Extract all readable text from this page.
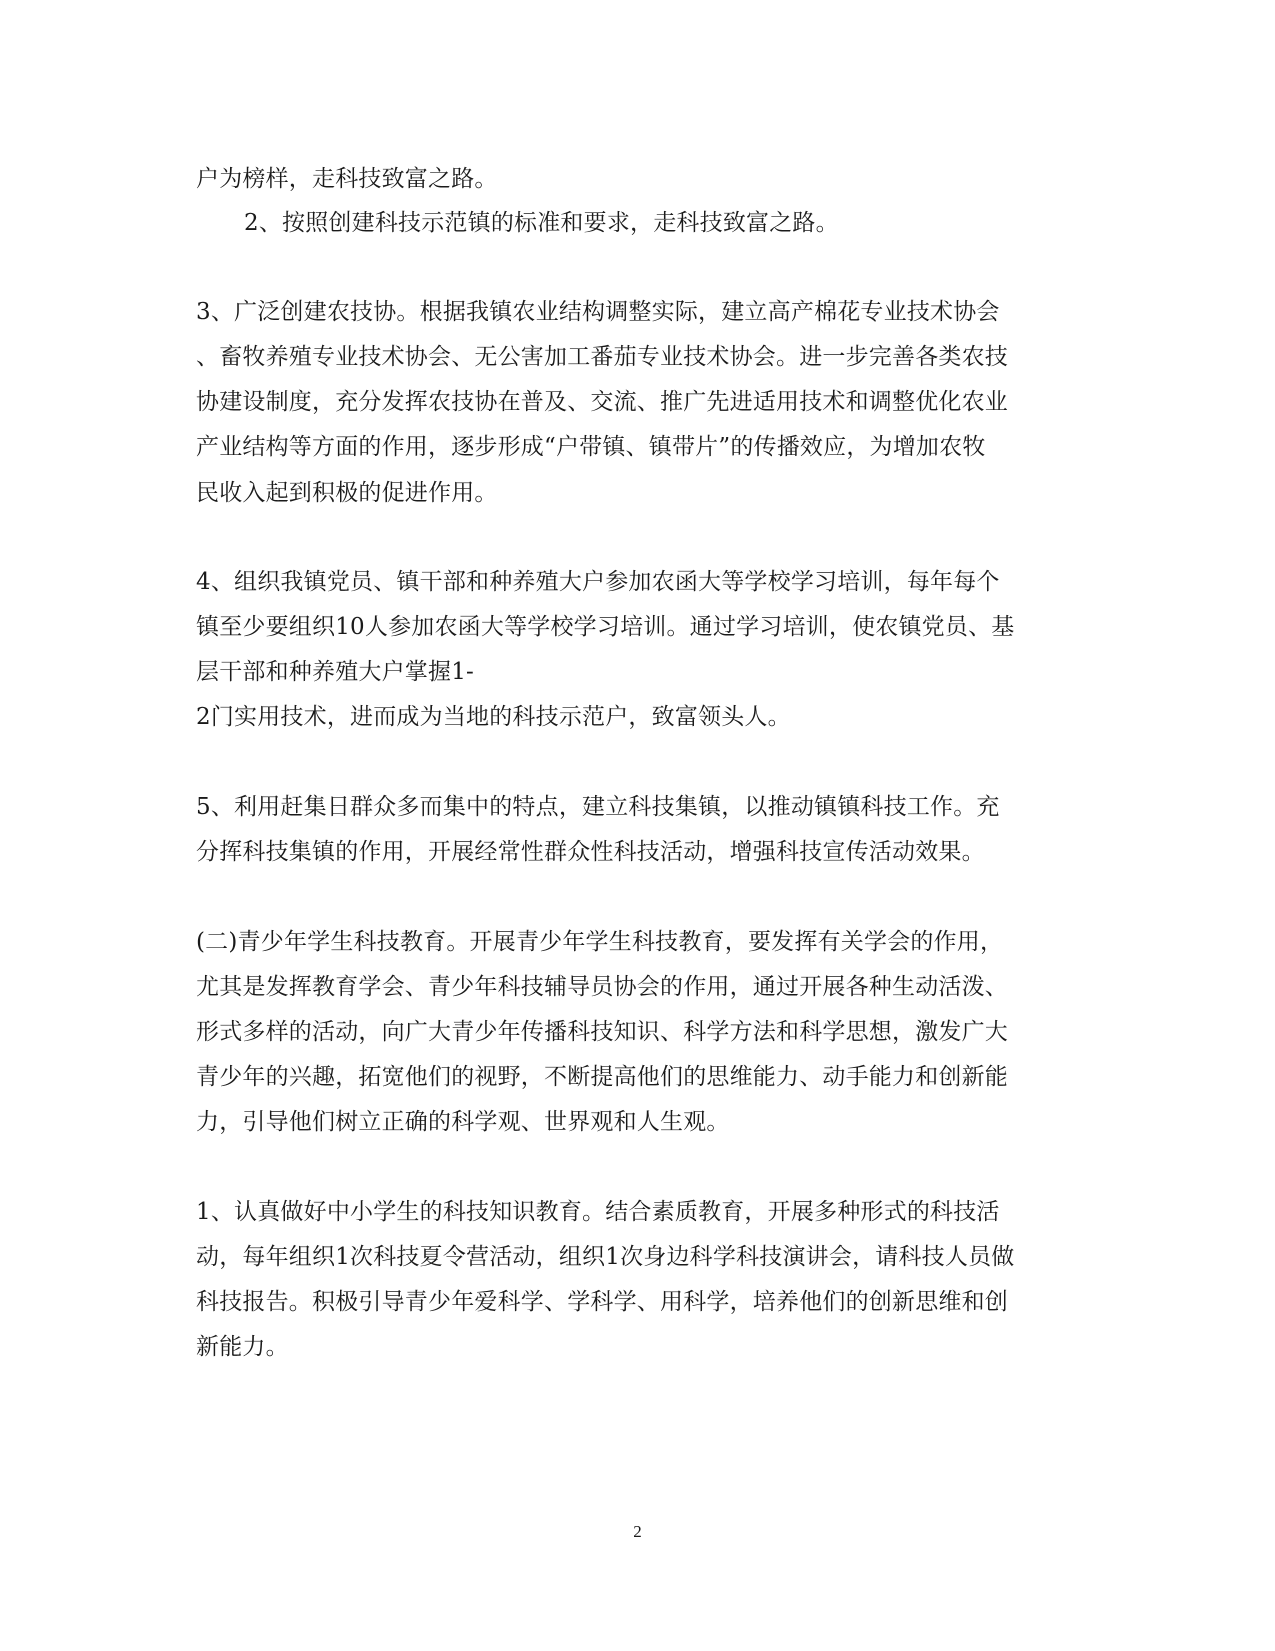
户为榜样，走科技致富之路。

2、按照创建科技示范镇的标准和要求，走科技致富之路。

3、广泛创建农技协。根据我镇农业结构调整实际，建立高产棉花专业技术协会

、畜牧养殖专业技术协会、无公害加工番茄专业技术协会。进一步完善各类农技

协建设制度，充分发挥农技协在普及、交流、推广先进适用技术和调整优化农业

产业结构等方面的作用，逐步形成“户带镇、镇带片”的传播效应，为增加农牧

民收入起到积极的促进作用。

4、组织我镇党员、镇干部和种养殖大户参加农函大等学校学习培训，每年每个

镇至少要组织10人参加农函大等学校学习培训。通过学习培训，使农镇党员、基

层干部和种养殖大户掌握1-

2门实用技术，进而成为当地的科技示范户，致富领头人。

5、利用赶集日群众多而集中的特点，建立科技集镇，以推动镇镇科技工作。充

分挥科技集镇的作用，开展经常性群众性科技活动，增强科技宣传活动效果。

(二)青少年学生科技教育。开展青少年学生科技教育，要发挥有关学会的作用，

尤其是发挥教育学会、青少年科技辅导员协会的作用，通过开展各种生动活泼、

形式多样的活动，向广大青少年传播科技知识、科学方法和科学思想，激发广大

青少年的兴趣，拓宽他们的视野，不断提高他们的思维能力、动手能力和创新能

力，引导他们树立正确的科学观、世界观和人生观。

1、认真做好中小学生的科技知识教育。结合素质教育，开展多种形式的科技活

动，每年组织1次科技夏令营活动，组织1次身边科学科技演讲会，请科技人员做

科技报告。积极引导青少年爱科学、学科学、用科学，培养他们的创新思维和创

新能力。

2
